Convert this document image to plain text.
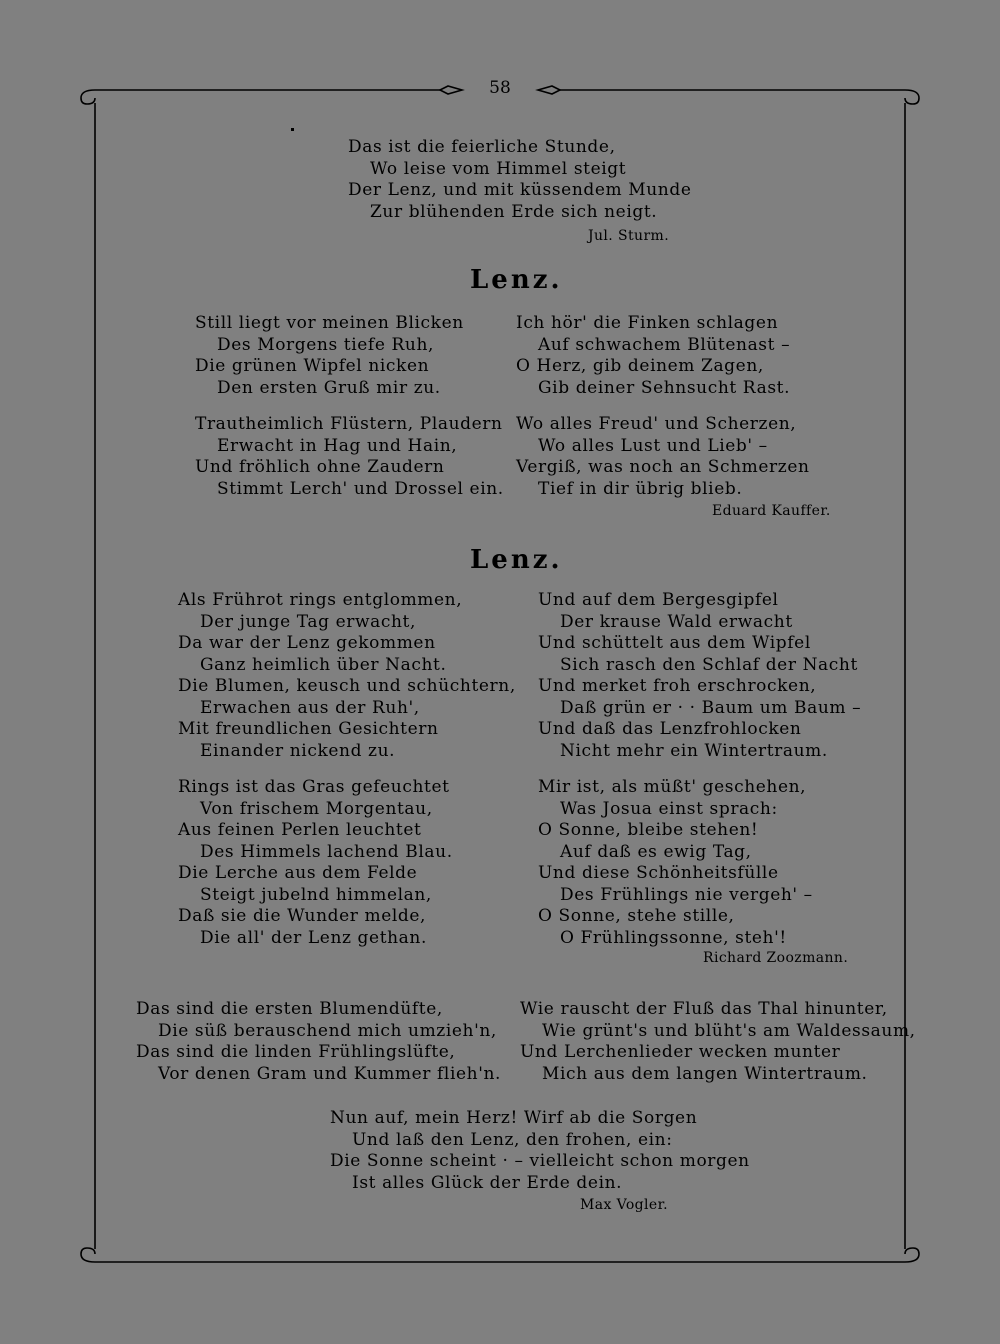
58
Das ist die feierliche Stunde,
Wo leise vom Himmel steigt
Der Lenz, und mit küssendem Munde
Zur blühenden Erde sich neigt.
Jul. Sturm.
Lenz.
Still liegt vor meinen Blicken
Des Morgens tiefe Ruh,
Die grünen Wipfel nicken
Den ersten Gruß mir zu.
Trautheimlich Flüstern, Plaudern
Erwacht in Hag und Hain,
Und fröhlich ohne Zaudern
Stimmt Lerch' und Drossel ein.
Ich hör' die Finken schlagen
Auf schwachem Blütenast –
O Herz, gib deinem Zagen,
Gib deiner Sehnsucht Rast.
Wo alles Freud' und Scherzen,
Wo alles Lust und Lieb' –
Vergiß, was noch an Schmerzen
Tief in dir übrig blieb.
Eduard Kauffer.
Lenz.
Als Frührot rings entglommen,
Der junge Tag erwacht,
Da war der Lenz gekommen
Ganz heimlich über Nacht.
Die Blumen, keusch und schüchtern,
Erwachen aus der Ruh',
Mit freundlichen Gesichtern
Einander nickend zu.
Rings ist das Gras gefeuchtet
Von frischem Morgentau,
Aus feinen Perlen leuchtet
Des Himmels lachend Blau.
Die Lerche aus dem Felde
Steigt jubelnd himmelan,
Daß sie die Wunder melde,
Die all' der Lenz gethan.
Und auf dem Bergesgipfel
Der krause Wald erwacht
Und schüttelt aus dem Wipfel
Sich rasch den Schlaf der Nacht
Und merket froh erschrocken,
Daß grün er · · Baum um Baum –
Und daß das Lenzfrohlocken
Nicht mehr ein Wintertraum.
Mir ist, als müßt' geschehen,
Was Josua einst sprach:
O Sonne, bleibe stehen!
Auf daß es ewig Tag,
Und diese Schönheitsfülle
Des Frühlings nie vergeh' –
O Sonne, stehe stille,
O Frühlingssonne, steh'!
Richard Zoozmann.
Das sind die ersten Blumendüfte,
Die süß berauschend mich umzieh'n,
Das sind die linden Frühlingslüfte,
Vor denen Gram und Kummer flieh'n.
Wie rauscht der Fluß das Thal hinunter,
Wie grünt's und blüht's am Waldessaum,
Und Lerchenlieder wecken munter
Mich aus dem langen Wintertraum.
Nun auf, mein Herz! Wirf ab die Sorgen
Und laß den Lenz, den frohen, ein:
Die Sonne scheint · – vielleicht schon morgen
Ist alles Glück der Erde dein.
Max Vogler.
